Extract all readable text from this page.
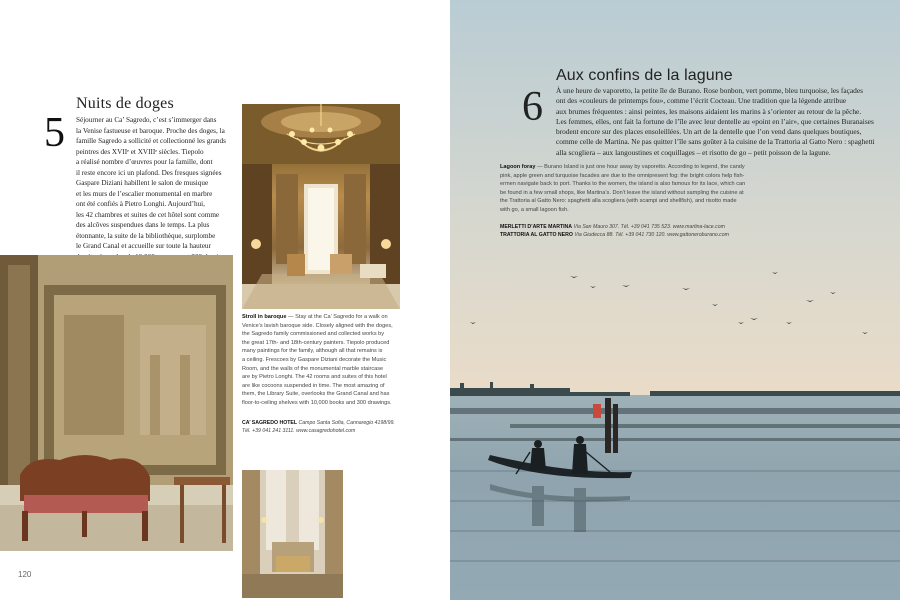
Nuits de doges
5 Séjourner au Ca’ Sagredo, c’est s’immerger dans
la Venise fastueuse et baroque. Proche des doges, la
famille Sagredo a sollicité et collectionné les grands
peintres des XVIIᵉ et XVIIIᵉ siècles. Tiepolo
a réalisé nombre d’œuvres pour la famille, dont
il reste encore ici un plafond. Des fresques signées
Gaspare Diziani habillent le salon de musique
et les murs de l’escalier monumental en marbre
ont été confiés à Pietro Longhi. Aujourd’hui,
les 42 chambres et suites de cet hôtel sont comme
des alcôves suspendues dans le temps. La plus
étonnante, la suite de la bibliothèque, surplombe
le Grand Canal et accueille sur toute la hauteur
Stroll in baroque — Stay at the Ca’ Sagredo for a walk on
Venice’s lavish baroque side. Closely aligned with the doges,
the Sagredo family commissioned and collected works by
the great 17th- and 18th-century painters. Tiepolo produced
many paintings for the family, although all that remains is
a ceiling. Frescoes by Gaspare Diziani decorate the Music
Room, and the walls of the monumental marble staircase
are by Pietro Longhi. The 42 rooms and suites of this hotel
are like cocoons suspended in time. The most amazing of
them, the Library Suite, overlooks the Grand Canal and has
floor-to-ceiling shelves with 10,000 books and 300 drawings.
CA’ SAGREDO HOTEL Campo Santa Sofia, Cannaregio 4198/99.
Tél. +39 041 241 3111. www.casagredohotel.com
120
Aux confins de la lagune
6 À une heure de vaporetto, la petite île de Burano. Rose bonbon, vert pomme, bleu turquoise, les façades
ont des «couleurs de printemps fou», comme l’écrit Cocteau. Une tradition que la légende attribue
aux brumes fréquentes : ainsi peintes, les maisons aidaient les marins à s’orienter au retour de la pêche.
Les femmes, elles, ont fait la fortune de l’île avec leur dentelle au «point en l’air», que certaines Buranaises
brodent encore sur des places ensoleillées. Un art de la dentelle que l’on vend dans quelques boutiques,
comme celle de Martina. Ne pas quitter l’île sans goûter à la cuisine de la Trattoria al Gatto Nero : spaghetti
alla scogliera – aux langoustines et coquillages – et risotto de go – petit poisson de la lagune.
Lagoon foray — Burano Island is just one hour away by vaporetto. According to legend, the candy
pink, apple green and turquoise facades are due to the omnipresent fog: the bright colors help fish-
ermen navigate back to port. Thanks to the women, the island is also famous for its lace, which can
be found in a few small shops, like Martina’s. Don’t leave the island without sampling the cuisine at
the Trattoria al Gatto Nero: spaghetti alla scogliera (with scampi and shellfish), and risotto made
with go, a small lagoon fish.
MERLETTI D’ARTE MARTINA Via San Mauro 307. Tél. +39 041 735 523. www.martina-lace.com
TRATTORIA AL GATTO NERO Via Giudecca 88. Tél. +39 041 730 120. www.gattoneroburano.com
